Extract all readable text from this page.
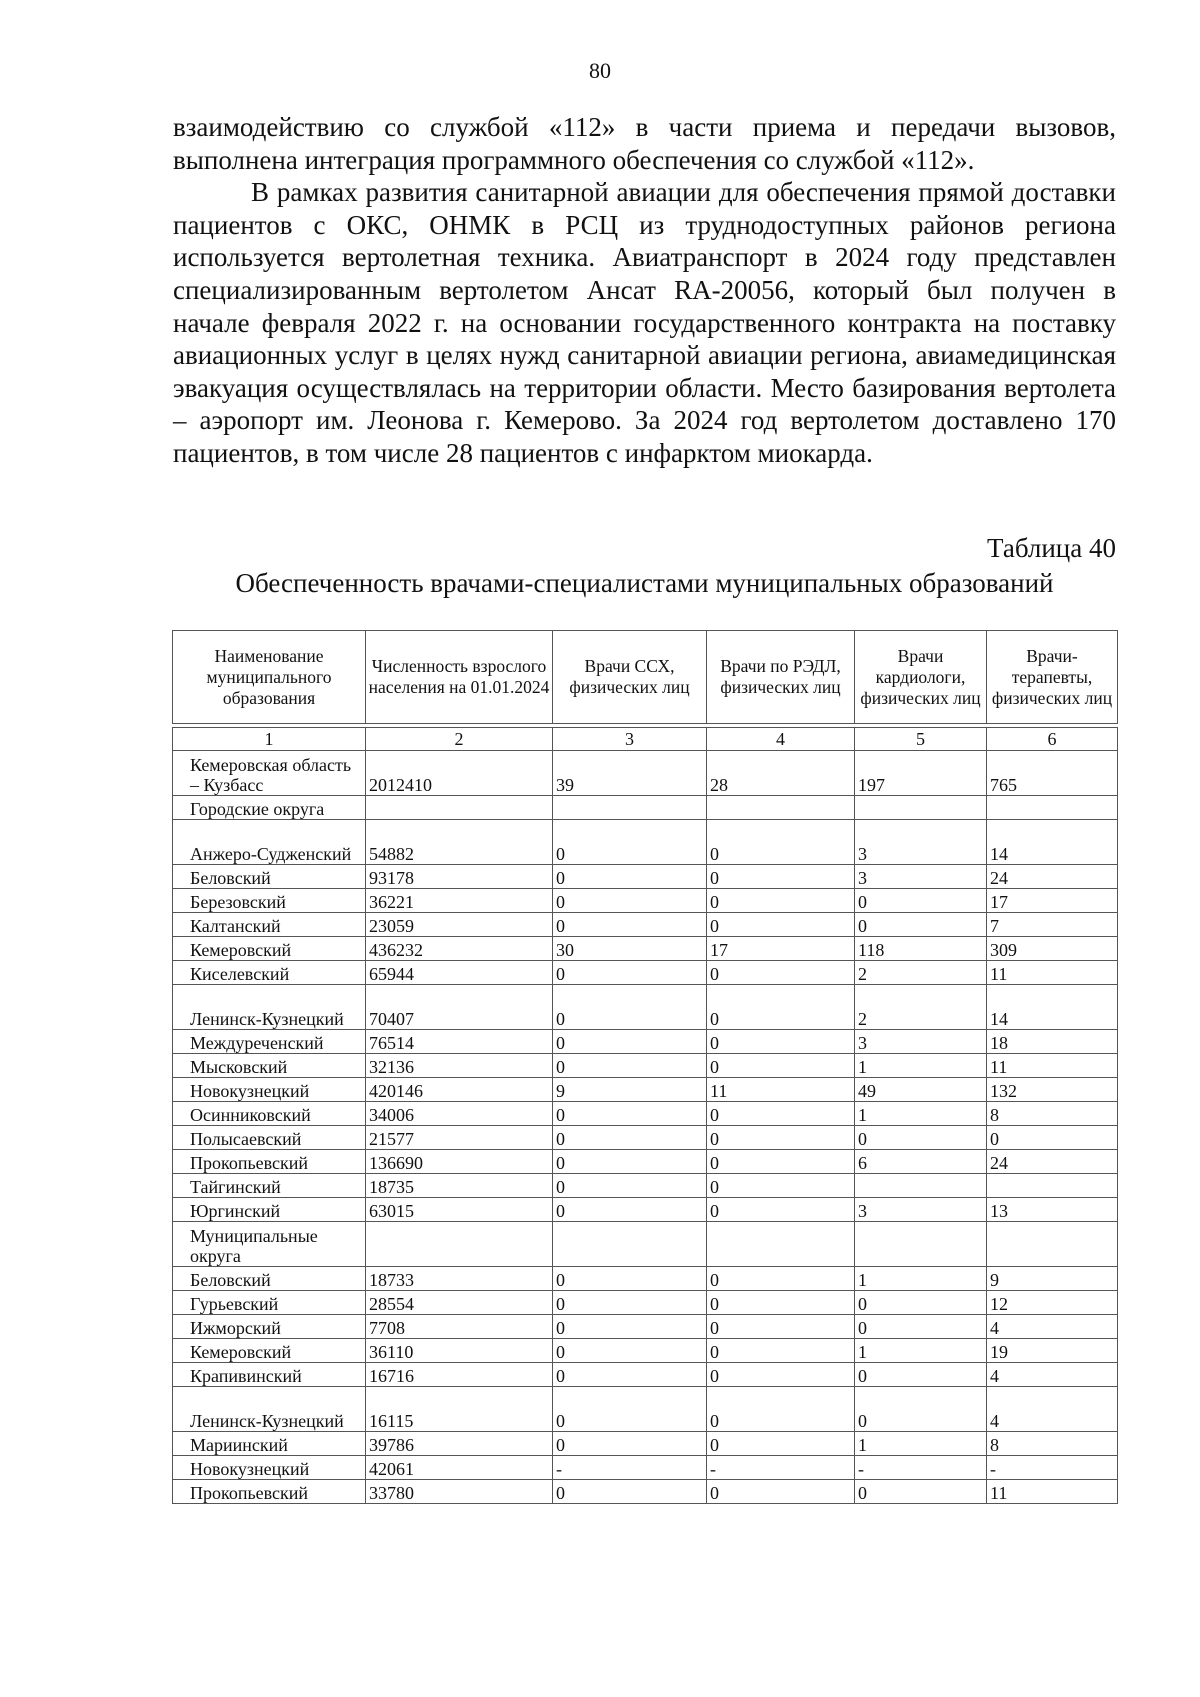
80

взаимодействию со службой «112» в части приема и передачи вызовов, выполнена интеграция программного обеспечения со службой «112».

В рамках развития санитарной авиации для обеспечения прямой доставки пациентов с ОКС, ОНМК в РСЦ из труднодоступных районов региона используется вертолетная техника. Авиатранспорт в 2024 году представлен специализированным вертолетом Ансат RA-20056, который был получен в начале февраля 2022 г. на основании государственного контракта на поставку авиационных услуг в целях нужд санитарной авиации региона, авиамедицинская эвакуация осуществлялась на территории области. Место базирования вертолета – аэропорт им. Леонова г. Кемерово. За 2024 год вертолетом доставлено 170 пациентов, в том числе 28 пациентов с инфарктом миокарда.

Таблица 40
Обеспеченность врачами-специалистами муниципальных образований
Наименование муниципального образования	Численность взрослого населения на 01.01.2024	Врачи ССХ, физических лиц	Врачи по РЭДЛ, физических лиц	Врачи кардиологи, физических лиц	Врачи-терапевты, физических лиц
1	2	3	4	5	6
Кемеровская область – Кузбасс	2012410	39	28	197	765
Городские округа					
Анжеро-Судженский	54882	0	0	3	14
Беловский	93178	0	0	3	24
Березовский	36221	0	0	0	17
Калтанский	23059	0	0	0	7
Кемеровский	436232	30	17	118	309
Киселевский	65944	0	0	2	11
Ленинск-Кузнецкий	70407	0	0	2	14
Междуреченский	76514	0	0	3	18
Мысковский	32136	0	0	1	11
Новокузнецкий	420146	9	11	49	132
Осинниковский	34006	0	0	1	8
Полысаевский	21577	0	0	0	0
Прокопьевский	136690	0	0	6	24
Тайгинский	18735	0	0		
Юргинский	63015	0	0	3	13
Муниципальные округа					
Беловский	18733	0	0	1	9
Гурьевский	28554	0	0	0	12
Ижморский	7708	0	0	0	4
Кемеровский	36110	0	0	1	19
Крапивинский	16716	0	0	0	4
Ленинск-Кузнецкий	16115	0	0	0	4
Мариинский	39786	0	0	1	8
Новокузнецкий	42061	-	-	-	-
Прокопьевский	33780	0	0	0	11
